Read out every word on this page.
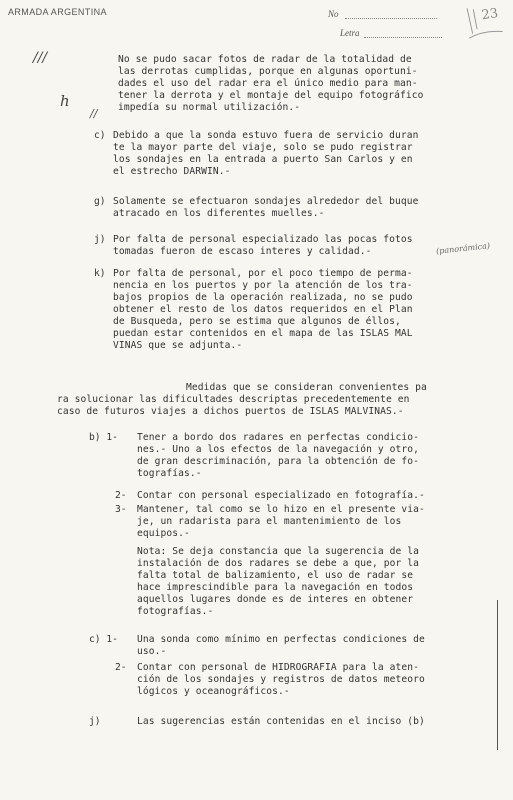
ARMADA ARGENTINA	No
Letra
23
///
h
//
No se pudo sacar fotos de radar de la totalidad de
las derrotas cumplidas, porque en algunas oportuni-
dades el uso del radar era el único medio para man-
tener la derrota y el montaje del equipo fotográfico
impedía su normal utilización.-
c) Debido a que la sonda estuvo fuera de servicio duran
te la mayor parte del viaje, solo se pudo registrar
los sondajes en la entrada a puerto San Carlos y en
el estrecho DARWIN.-
g) Solamente se efectuaron sondajes alrededor del buque
atracado en los diferentes muelles.-
j) Por falta de personal especializado las pocas fotos
tomadas fueron de escaso interes y calidad.-	(panorámica)
k) Por falta de personal, por el poco tiempo de perma-
nencia en los puertos y por la atención de los tra-
bajos propios de la operación realizada, no se pudo
obtener el resto de los datos requeridos en el Plan
de Busqueda, pero se estima que algunos de éllos,
puedan estar contenidos en el mapa de las ISLAS MAL
VINAS que se adjunta.-
Medidas que se consideran convenientes pa
ra solucionar las dificultades descriptas precedentemente en
caso de futuros viajes a dichos puertos de ISLAS MALVINAS.-
b) 1- Tener a bordo dos radares en perfectas condicio-
nes.- Uno a los efectos de la navegación y otro,
de gran descriminación, para la obtención de fo-
tografías.-
2- Contar con personal especializado en fotografía.-
3- Mantener, tal como se lo hizo en el presente via-
je, un radarista para el mantenimiento de los
equipos.-
Nota: Se deja constancia que la sugerencia de la
instalación de dos radares se debe a que, por la
falta total de balizamiento, el uso de radar se
hace imprescindible para la navegación en todos
aquellos lugares donde es de interes en obtener
fotografías.-
c) 1- Una sonda como mínimo en perfectas condiciones de
uso.-
2- Contar con personal de HIDROGRAFIA para la aten-
ción de los sondajes y registros de datos meteoro
lógicos y oceanográficos.-
j)	Las sugerencias están contenidas en el inciso (b)
